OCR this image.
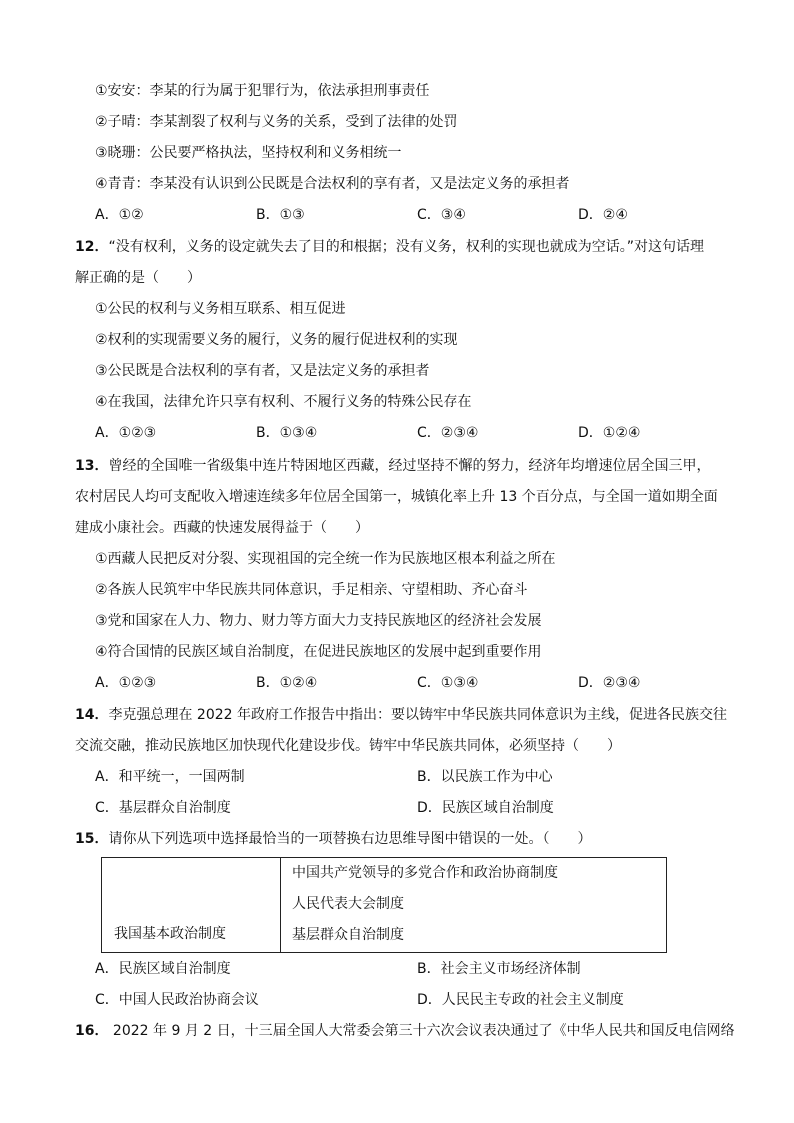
①安安：李某的行为属于犯罪行为，依法承担刑事责任
②子晴：李某割裂了权利与义务的关系，受到了法律的处罚
③晓珊：公民要严格执法，坚持权利和义务相统一
④青青：李某没有认识到公民既是合法权利的享有者，又是法定义务的承担者
A．①②	B．①③	C．③④	D．②④
12．“没有权利，义务的设定就失去了目的和根据；没有义务，权利的实现也就成为空话。”对这句话理
解正确的是（　　）
①公民的权利与义务相互联系、相互促进
②权利的实现需要义务的履行，义务的履行促进权利的实现
③公民既是合法权利的享有者，又是法定义务的承担者
④在我国，法律允许只享有权利、不履行义务的特殊公民存在
A．①②③	B．①③④	C．②③④	D．①②④
13．曾经的全国唯一省级集中连片特困地区西藏，经过坚持不懈的努力，经济年均增速位居全国三甲，
农村居民人均可支配收入增速连续多年位居全国第一，城镇化率上升 13 个百分点，与全国一道如期全面
建成小康社会。西藏的快速发展得益于（　　）
①西藏人民把反对分裂、实现祖国的完全统一作为民族地区根本利益之所在
②各族人民筑牢中华民族共同体意识，手足相亲、守望相助、齐心奋斗
③党和国家在人力、物力、财力等方面大力支持民族地区的经济社会发展
④符合国情的民族区域自治制度，在促进民族地区的发展中起到重要作用
A．①②③	B．①②④	C．①③④	D．②③④
14．李克强总理在 2022 年政府工作报告中指出：要以铸牢中华民族共同体意识为主线，促进各民族交往
交流交融，推动民族地区加快现代化建设步伐。铸牢中华民族共同体，必须坚持（　　）
A．和平统一，一国两制	B．以民族工作为中心
C．基层群众自治制度	D．民族区域自治制度
15．请你从下列选项中选择最恰当的一项替换右边思维导图中错误的一处。（　　）
我国基本政治制度

中国共产党领导的多党合作和政治协商制度
人民代表大会制度
基层群众自治制度
A．民族区域自治制度	B．社会主义市场经济体制
C．中国人民政治协商会议	D．人民民主专政的社会主义制度
16． 2022 年 9 月 2 日，十三届全国人大常委会第三十六次会议表决通过了《中华人民共和国反电信网络
